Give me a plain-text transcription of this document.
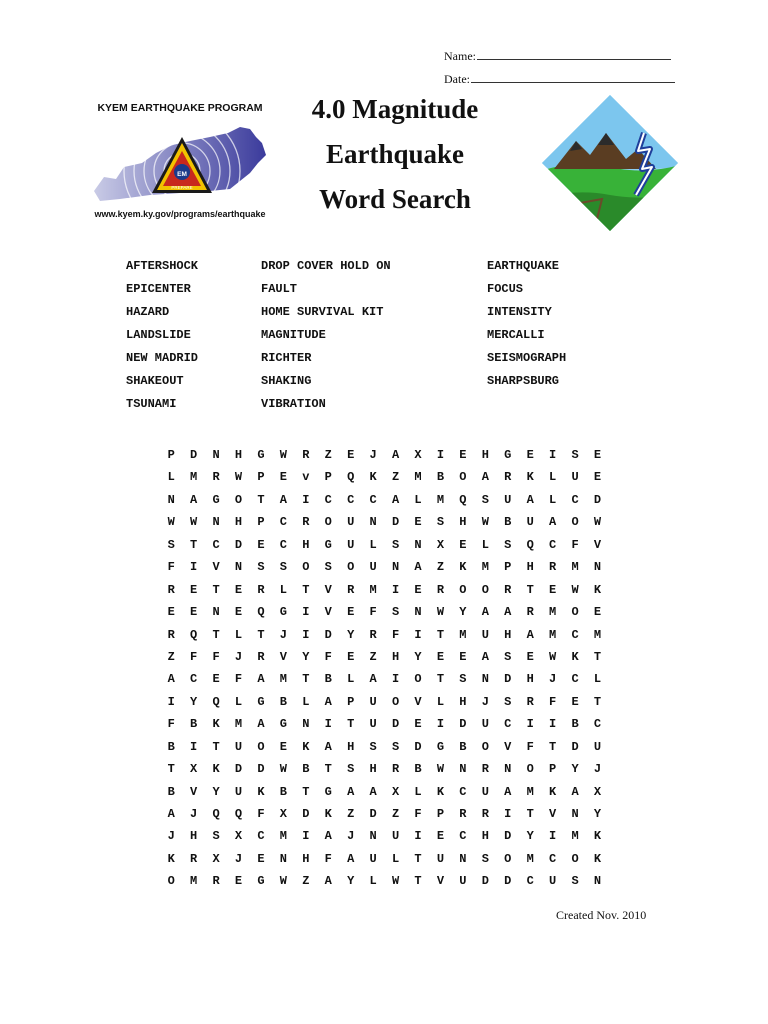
Name:
Date:
EM
PREPARE
KYEM EARTHQUAKE PROGRAM
www.kyem.ky.gov/programs/earthquake
4.0 Magnitude
Earthquake
Word Search
AFTERSHOCK
EPICENTER
HAZARD
LANDSLIDE
NEW MADRID
SHAKEOUT
TSUNAMI
DROP COVER HOLD ON
FAULT
HOME SURVIVAL KIT
MAGNITUDE
RICHTER
SHAKING
VIBRATION
EARTHQUAKE
FOCUS
INTENSITY
MERCALLI
SEISMOGRAPH
SHARPSBURG
P	D	N	H	G	W	R	Z	E	J	A	X	I	E	H	G	E	I	S	E
L	M	R	W	P	E	v	P	Q	K	Z	M	B	O	A	R	K	L	U	E
N	A	G	O	T	A	I	C	C	C	A	L	M	Q	S	U	A	L	C	D
W	W	N	H	P	C	R	O	U	N	D	E	S	H	W	B	U	A	O	W
S	T	C	D	E	C	H	G	U	L	S	N	X	E	L	S	Q	C	F	V
F	I	V	N	S	S	O	S	O	U	N	A	Z	K	M	P	H	R	M	N
R	E	T	E	R	L	T	V	R	M	I	E	R	O	O	R	T	E	W	K
E	E	N	E	Q	G	I	V	E	F	S	N	W	Y	A	A	R	M	O	E
R	Q	T	L	T	J	I	D	Y	R	F	I	T	M	U	H	A	M	C	M
Z	F	F	J	R	V	Y	F	E	Z	H	Y	E	E	A	S	E	W	K	T
A	C	E	F	A	M	T	B	L	A	I	O	T	S	N	D	H	J	C	L
I	Y	Q	L	G	B	L	A	P	U	O	V	L	H	J	S	R	F	E	T
F	B	K	M	A	G	N	I	T	U	D	E	I	D	U	C	I	I	B	C
B	I	T	U	O	E	K	A	H	S	S	D	G	B	O	V	F	T	D	U
T	X	K	D	D	W	B	T	S	H	R	B	W	N	R	N	O	P	Y	J
B	V	Y	U	K	B	T	G	A	A	X	L	K	C	U	A	M	K	A	X
A	J	Q	Q	F	X	D	K	Z	D	Z	F	P	R	R	I	T	V	N	Y
J	H	S	X	C	M	I	A	J	N	U	I	E	C	H	D	Y	I	M	K
K	R	X	J	E	N	H	F	A	U	L	T	U	N	S	O	M	C	O	K
O	M	R	E	G	W	Z	A	Y	L	W	T	V	U	D	D	C	U	S	N
Created Nov. 2010
